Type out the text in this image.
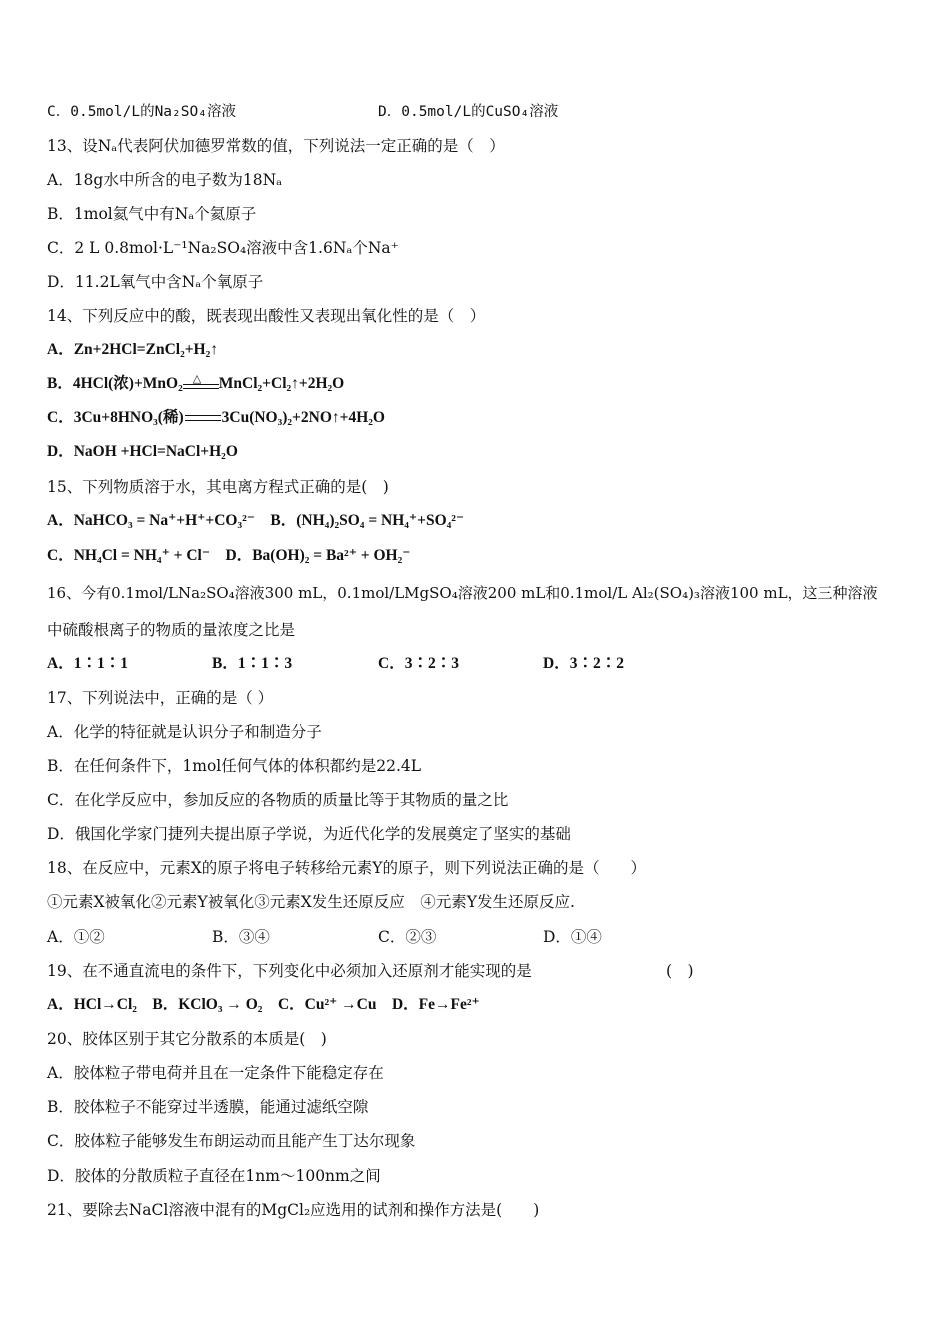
C．0.5mol/L的Na₂SO₄溶液	D．0.5mol/L的CuSO₄溶液
13、设Nₐ代表阿伏加德罗常数的值，下列说法一定正确的是（　）
A．18g水中所含的电子数为18Nₐ
B．1mol氦气中有Nₐ个氦原子
C．2 L 0.8mol·L⁻¹Na₂SO₄溶液中含1.6Nₐ个Na⁺
D．11.2L氧气中含Nₐ个氧原子
14、下列反应中的酸，既表现出酸性又表现出氧化性的是（　）
A．Zn+2HCl=ZnCl₂+H₂↑
B．4HCl(浓)+MnO₂ △ MnCl₂+Cl₂↑+2H₂O
C．3Cu+8HNO₃(稀) 3Cu(NO₃)₂+2NO↑+4H₂O
D．NaOH +HCl=NaCl+H₂O
15、下列物质溶于水，其电离方程式正确的是(　)
A．NaHCO₃ = Na⁺+H⁺+CO₃²⁻　B．(NH₄)₂SO₄ = NH₄⁺+SO₄²⁻
C．NH₄Cl = NH₄⁺ + Cl⁻　D．Ba(OH)₂ = Ba²⁺ + OH₂⁻
16、今有0.1mol/LNa₂SO₄溶液300 mL，0.1mol/LMgSO₄溶液200 mL和0.1mol/L Al₂(SO₄)₃溶液100 mL，这三种溶液
中硫酸根离子的物质的量浓度之比是
A．1∶1∶1	B．1∶1∶3	C．3∶2∶3	D．3∶2∶2
17、下列说法中，正确的是（ ）
A．化学的特征就是认识分子和制造分子
B．在任何条件下，1mol任何气体的体积都约是22.4L
C．在化学反应中，参加反应的各物质的质量比等于其物质的量之比
D．俄国化学家门捷列夫提出原子学说，为近代化学的发展奠定了坚实的基础
18、在反应中，元素X的原子将电子转移给元素Y的原子，则下列说法正确的是（　　）
①元素X被氧化②元素Y被氧化③元素X发生还原反应　④元素Y发生还原反应.
A．①②	B．③④	C．②③	D．①④
19、在不通直流电的条件下，下列变化中必须加入还原剂才能实现的是	(　)
A．HCl→Cl₂　B．KClO₃ → O₂　C．Cu²⁺ →Cu　D．Fe→Fe²⁺
20、胶体区别于其它分散系的本质是(　)
A．胶体粒子带电荷并且在一定条件下能稳定存在
B．胶体粒子不能穿过半透膜，能通过滤纸空隙
C．胶体粒子能够发生布朗运动而且能产生丁达尔现象
D．胶体的分散质粒子直径在1nm～100nm之间
21、要除去NaCl溶液中混有的MgCl₂应选用的试剂和操作方法是(　　)
